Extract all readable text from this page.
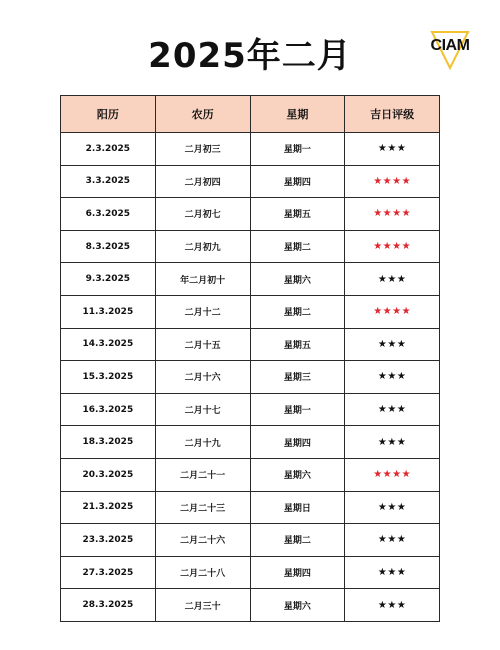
2025年二月	CIAM
阳历	农历	星期	吉日评级
2.3.2025	二月初三	星期一	★★★
3.3.2025	二月初四	星期四	★★★★
6.3.2025	二月初七	星期五	★★★★
8.3.2025	二月初九	星期二	★★★★
9.3.2025	年二月初十	星期六	★★★
11.3.2025	二月十二	星期二	★★★★
14.3.2025	二月十五	星期五	★★★
15.3.2025	二月十六	星期三	★★★
16.3.2025	二月十七	星期一	★★★
18.3.2025	二月十九	星期四	★★★
20.3.2025	二月二十一	星期六	★★★★
21.3.2025	二月二十三	星期日	★★★
23.3.2025	二月二十六	星期二	★★★
27.3.2025	二月二十八	星期四	★★★
28.3.2025	二月三十	星期六	★★★
